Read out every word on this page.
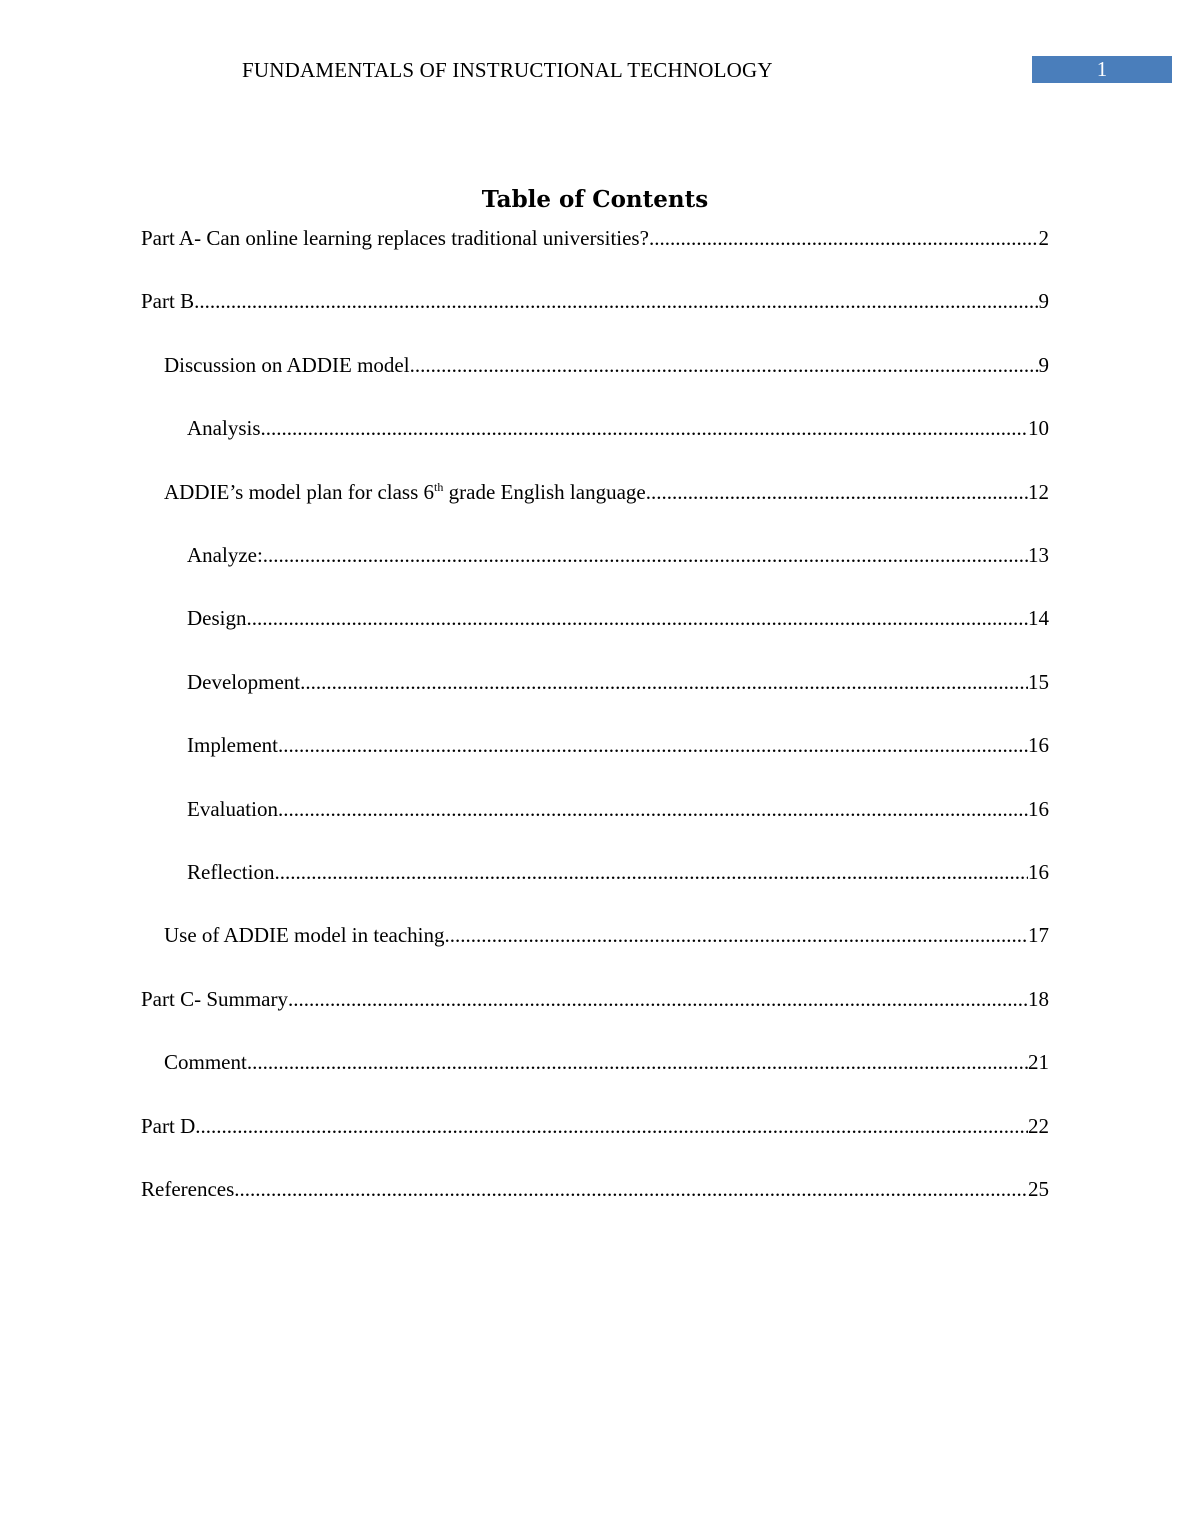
FUNDAMENTALS OF INSTRUCTIONAL TECHNOLOGY	1
Table of Contents
Part A- Can online learning replaces traditional universities? .....	2
Part B .....	9
Discussion on ADDIE model .....	9
Analysis .....	10
ADDIE’s model plan for class 6th grade English language .....	12
Analyze: .....	13
Design .....	14
Development .....	15
Implement .....	16
Evaluation .....	16
Reflection .....	16
Use of ADDIE model in teaching .....	17
Part C- Summary .....	18
Comment .....	21
Part D .....	22
References .....	25
